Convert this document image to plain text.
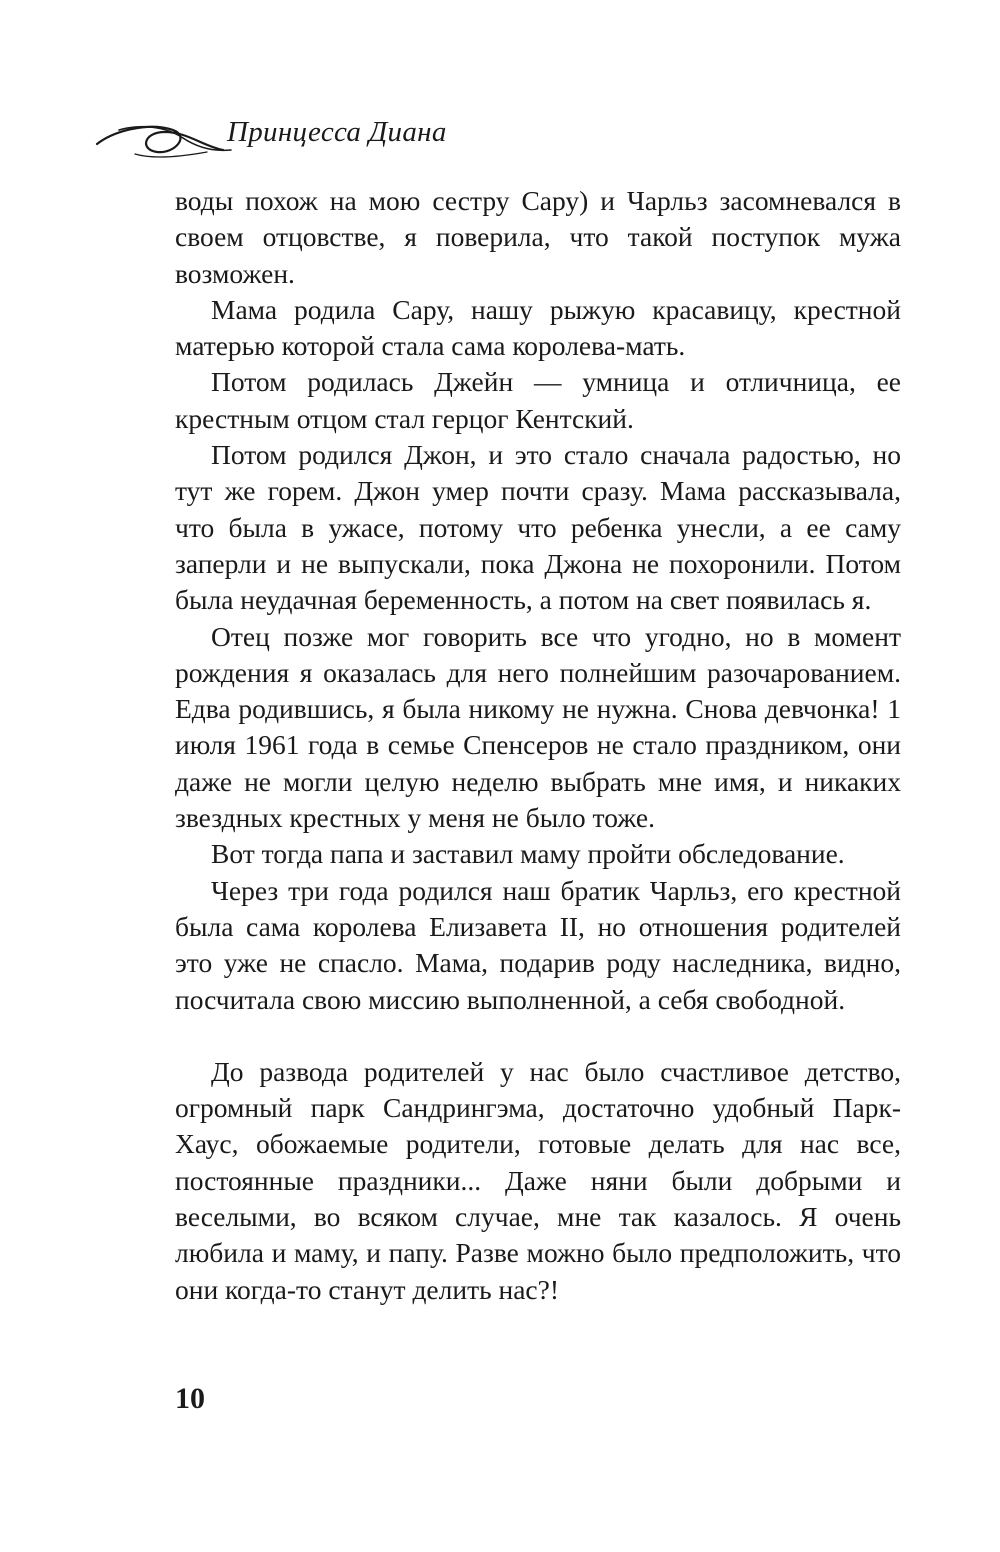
Принцесса Диана

воды похож на мою сестру Сару) и Чарльз засомневался в своем отцовстве, я поверила, что такой поступок мужа возможен.

Мама родила Сару, нашу рыжую красавицу, крестной матерью которой стала сама королева-мать.

Потом родилась Джейн — умница и отличница, ее крестным отцом стал герцог Кентский.

Потом родился Джон, и это стало сначала радостью, но тут же горем. Джон умер почти сразу. Мама рассказывала, что была в ужасе, потому что ребенка унесли, а ее саму заперли и не выпускали, пока Джона не похоронили. Потом была неудачная беременность, а потом на свет появилась я.

Отец позже мог говорить все что угодно, но в момент рождения я оказалась для него полнейшим разочарованием. Едва родившись, я была никому не нужна. Снова девчонка! 1 июля 1961 года в семье Спенсеров не стало праздником, они даже не могли целую неделю выбрать мне имя, и никаких звездных крестных у меня не было тоже.

Вот тогда папа и заставил маму пройти обследование.

Через три года родился наш братик Чарльз, его крестной была сама королева Елизавета II, но отношения родителей это уже не спасло. Мама, подарив роду наследника, видно, посчитала свою миссию выполненной, а себя свободной.

До развода родителей у нас было счастливое детство, огромный парк Сандрингэма, достаточно удобный Парк-Хаус, обожаемые родители, готовые делать для нас все, постоянные праздники... Даже няни были добрыми и веселыми, во всяком случае, мне так казалось. Я очень любила и маму, и папу. Разве можно было предположить, что они когда-то станут делить нас?!

10
